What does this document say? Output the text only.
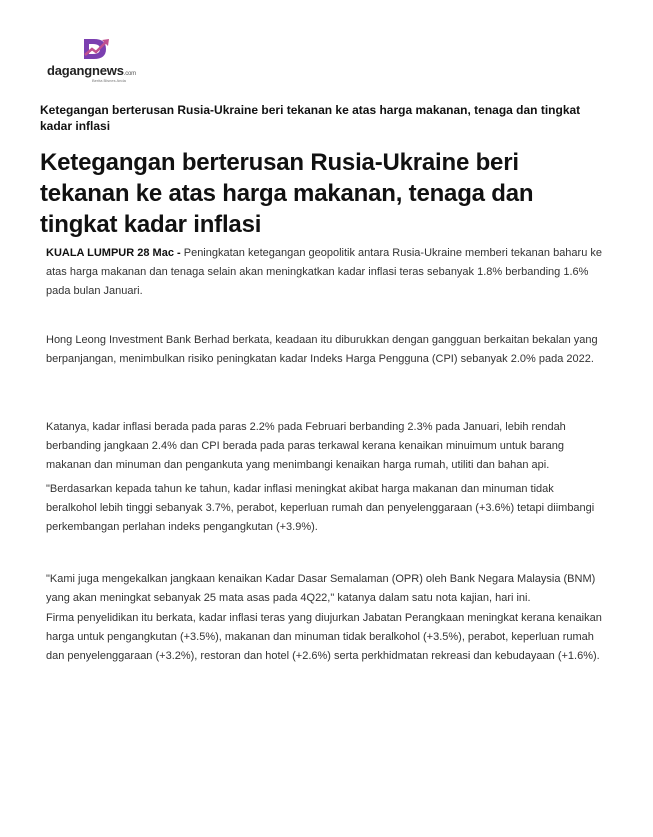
dagangnews.com
Berita Bisnes Anda
Ketegangan berterusan Rusia-Ukraine beri tekanan ke atas harga makanan, tenaga dan tingkat kadar inflasi
Ketegangan berterusan Rusia-Ukraine beri tekanan ke atas harga makanan, tenaga dan tingkat kadar inflasi
KUALA LUMPUR 28 Mac - Peningkatan ketegangan geopolitik antara Rusia-Ukraine memberi tekanan baharu ke atas harga makanan dan tenaga selain akan meningkatkan kadar inflasi teras sebanyak 1.8% berbanding 1.6% pada bulan Januari.
Hong Leong Investment Bank Berhad berkata, keadaan itu diburukkan dengan gangguan berkaitan bekalan yang berpanjangan, menimbulkan risiko peningkatan kadar Indeks Harga Pengguna (CPI) sebanyak 2.0% pada 2022.
Katanya, kadar inflasi berada pada paras 2.2% pada Februari berbanding 2.3% pada Januari, lebih rendah berbanding jangkaan 2.4% dan CPI berada pada paras terkawal kerana kenaikan minuimum untuk barang makanan dan minuman dan pengankuta yang menimbangi kenaikan harga rumah, utiliti dan bahan api.
"Berdasarkan kepada tahun ke tahun, kadar inflasi meningkat akibat harga makanan dan minuman tidak beralkohol lebih tinggi sebanyak 3.7%, perabot, keperluan rumah dan penyelenggaraan (+3.6%) tetapi diimbangi perkembangan perlahan indeks pengangkutan (+3.9%).
"Kami juga mengekalkan jangkaan kenaikan Kadar Dasar Semalaman (OPR) oleh Bank Negara Malaysia (BNM) yang akan meningkat sebanyak 25 mata asas pada 4Q22," katanya dalam satu nota kajian, hari ini.
Firma penyelidikan itu berkata, kadar inflasi teras yang diujurkan Jabatan Perangkaan meningkat kerana kenaikan harga untuk pengangkutan (+3.5%), makanan dan minuman tidak beralkohol (+3.5%), perabot, keperluan rumah dan penyelenggaraan (+3.2%), restoran dan hotel (+2.6%) serta perkhidmatan rekreasi dan kebudayaan (+1.6%).
